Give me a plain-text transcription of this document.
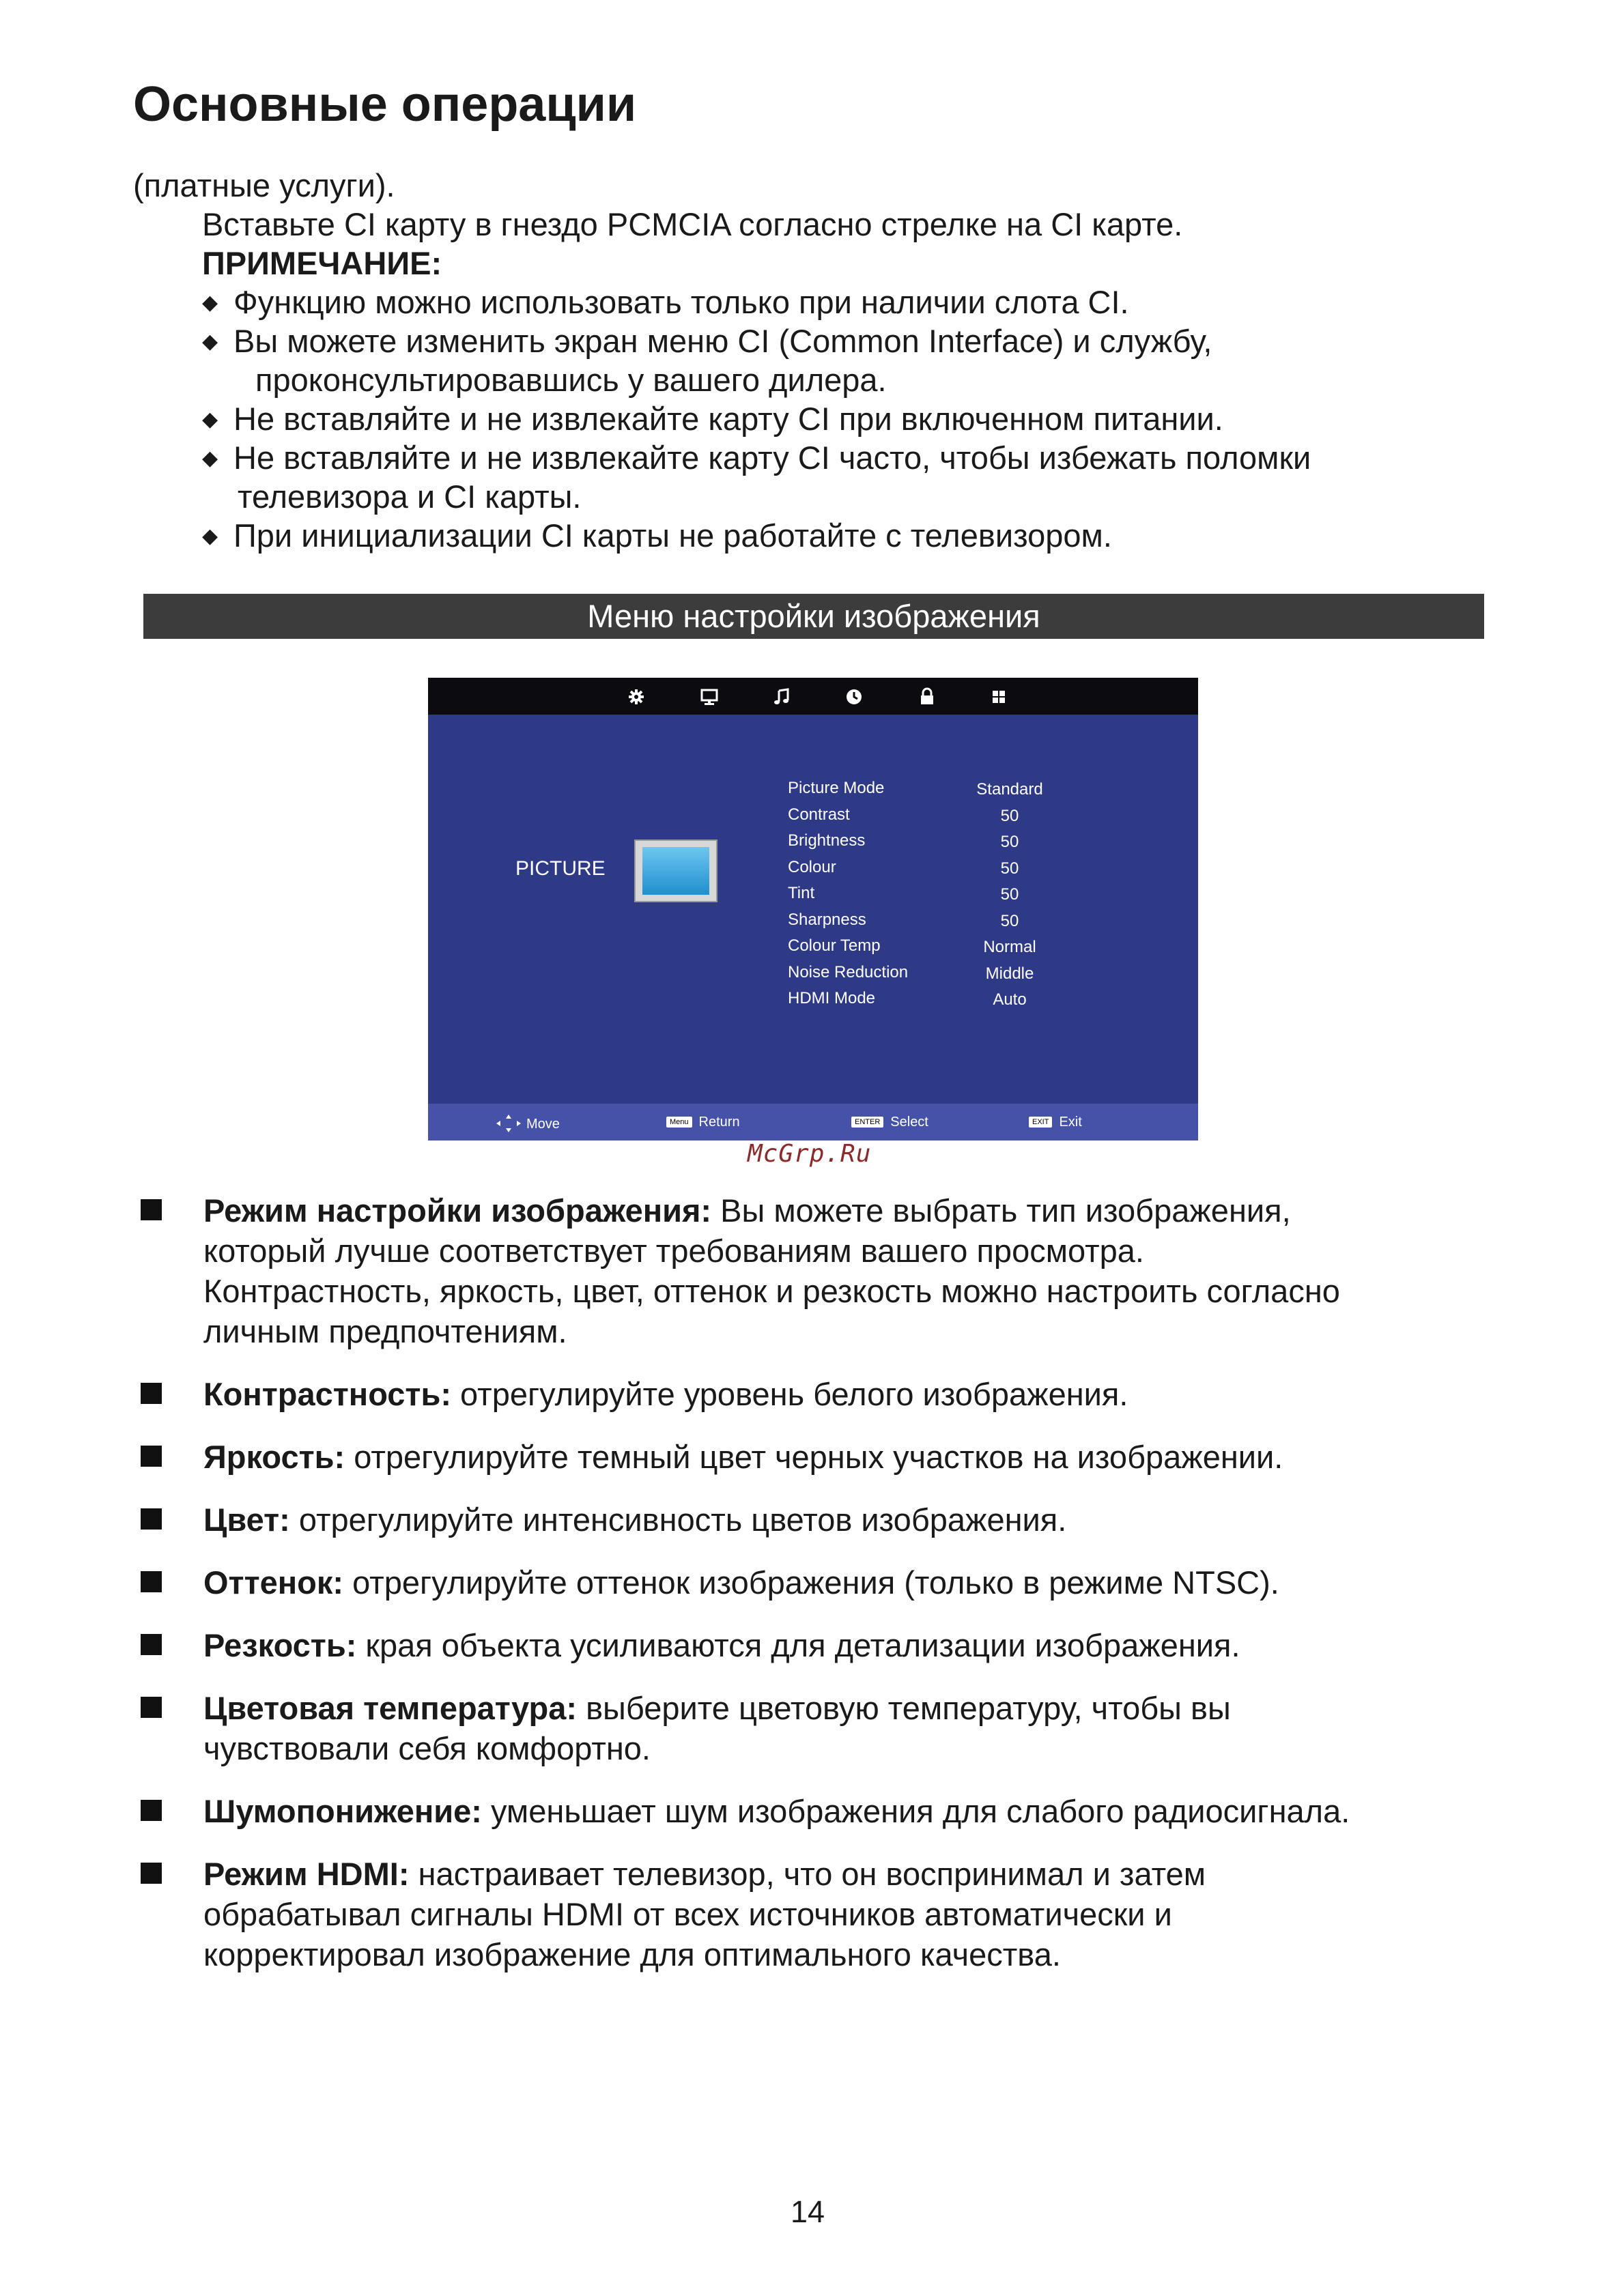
Основные операции
(платные услуги).
Вставьте CI карту в гнездо PCMCIA согласно стрелке на CI карте.
ПРИМЕЧАНИЕ:
◆ Функцию можно использовать только при наличии слота CI.
◆ Вы можете изменить экран меню CI (Common Interface) и службу,
проконсультировавшись у вашего дилера.
◆ Не вставляйте и не извлекайте карту CI при включенном питании.
◆ Не вставляйте и не извлекайте карту CI часто, чтобы избежать поломки
телевизора и CI карты.
◆ При инициализации CI карты не работайте с телевизором.
Меню настройки изображения
PICTURE
Picture Mode	Standard
Contrast	50
Brightness	50
Colour	50
Tint	50
Sharpness	50
Colour Temp	Normal
Noise Reduction	Middle
HDMI Mode	Auto
Move	Menu Return	ENTER Select	EXIT Exit
McGrp.Ru
Режим настройки изображения: Вы можете выбрать тип изображения,
который лучше соответствует требованиям вашего просмотра.
Контрастность, яркость, цвет, оттенок и резкость можно настроить согласно
личным предпочтениям.
Контрастность: отрегулируйте уровень белого изображения.
Яркость: отрегулируйте темный цвет черных участков на изображении.
Цвет: отрегулируйте интенсивность цветов изображения.
Оттенок: отрегулируйте оттенок изображения (только в режиме NTSC).
Резкость: края объекта усиливаются для детализации изображения.
Цветовая температура: выберите цветовую температуру, чтобы вы
чувствовали себя комфортно.
Шумопонижение: уменьшает шум изображения для слабого радиосигнала.
Режим HDMI: настраивает телевизор, что он воспринимал и затем
обрабатывал сигналы HDMI от всех источников автоматически и
корректировал изображение для оптимального качества.
14
